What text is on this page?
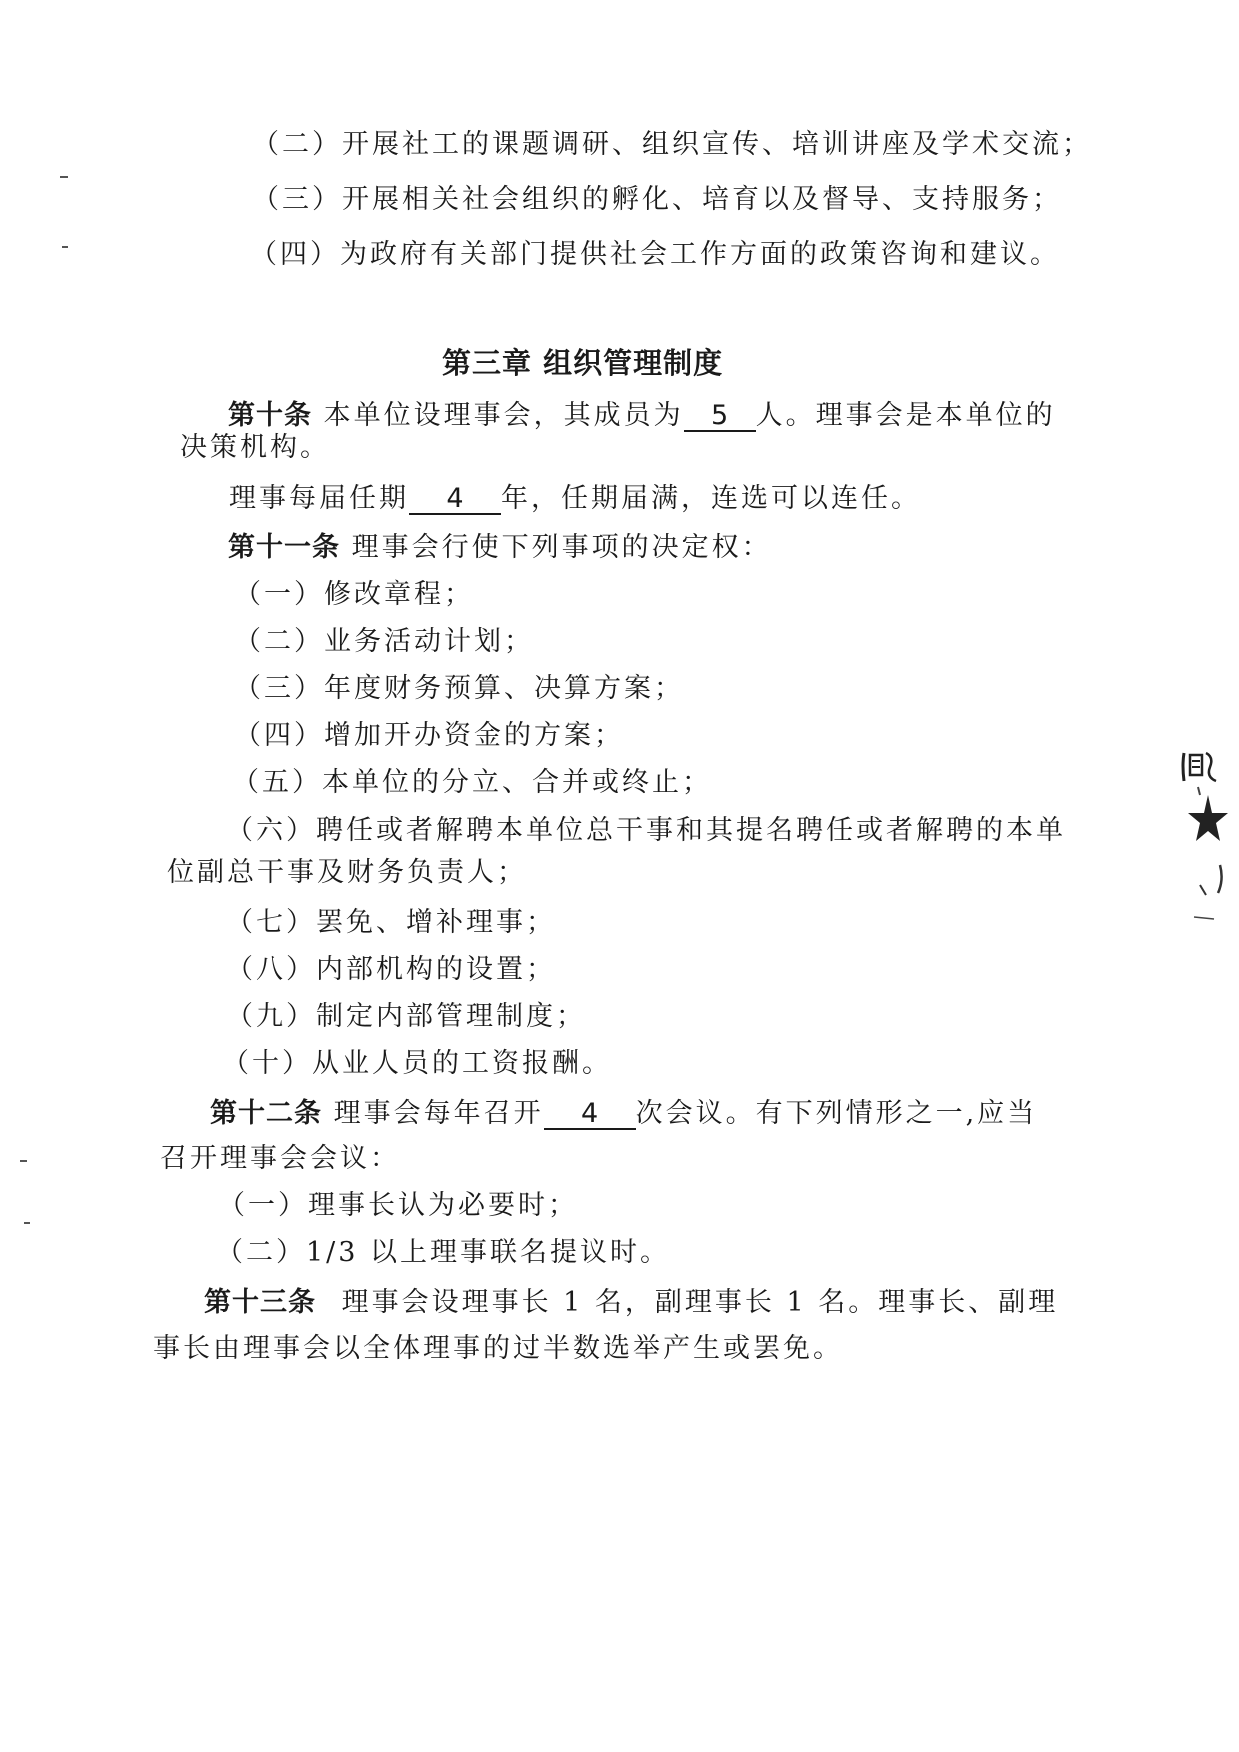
（二）开展社工的课题调研、组织宣传、培训讲座及学术交流；
（三）开展相关社会组织的孵化、培育以及督导、支持服务；
（四）为政府有关部门提供社会工作方面的政策咨询和建议。
第三章 组织管理制度
第十条 本单位设理事会，其成员为 5 人。理事会是本单位的
决策机构。
理事每届任期 4 年，任期届满，连选可以连任。
第十一条 理事会行使下列事项的决定权：
（一）修改章程；
（二）业务活动计划；
（三）年度财务预算、决算方案；
（四）增加开办资金的方案；
（五）本单位的分立、合并或终止；
（六）聘任或者解聘本单位总干事和其提名聘任或者解聘的本单
位副总干事及财务负责人；
（七）罢免、增补理事；
（八）内部机构的设置；
（九）制定内部管理制度；
（十）从业人员的工资报酬。
第十二条 理事会每年召开 4 次会议。有下列情形之一,应当
召开理事会会议：
（一）理事长认为必要时；
（二）1/3 以上理事联名提议时。
第十三条 理事会设理事长 1 名，副理事长 1 名。理事长、副理
事长由理事会以全体理事的过半数选举产生或罢免。
